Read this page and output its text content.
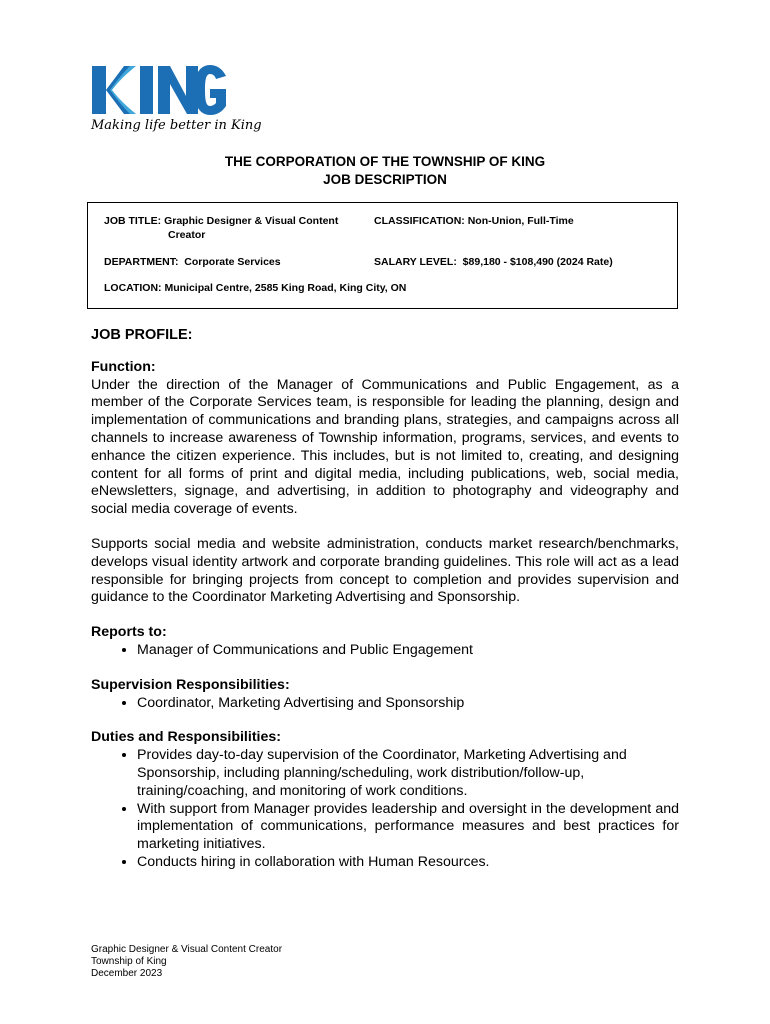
Making life better in King
THE CORPORATION OF THE TOWNSHIP OF KING
JOB DESCRIPTION
JOB TITLE: Graphic Designer & Visual Content
Creator
CLASSIFICATION: Non-Union, Full-Time
DEPARTMENT:  Corporate Services	SALARY LEVEL:  $89,180 - $108,490 (2024 Rate)
LOCATION: Municipal Centre, 2585 King Road, King City, ON

JOB PROFILE:

Function:

Under the direction of the Manager of Communications and Public Engagement, as a member of the Corporate Services team, is responsible for leading the planning, design and implementation of communications and branding plans, strategies, and campaigns across all channels to increase awareness of Township information, programs, services, and events to enhance the citizen experience. This includes, but is not limited to, creating, and designing content for all forms of print and digital media, including publications, web, social media, eNewsletters, signage, and advertising, in addition to photography and videography and social media coverage of events.

Supports social media and website administration, conducts market research/benchmarks, develops visual identity artwork and corporate branding guidelines. This role will act as a lead responsible for bringing projects from concept to completion and provides supervision and guidance to the Coordinator Marketing Advertising and Sponsorship.

Reports to:

• Manager of Communications and Public Engagement

Supervision Responsibilities:

• Coordinator, Marketing Advertising and Sponsorship

Duties and Responsibilities:

• Provides day-to-day supervision of the Coordinator, Marketing Advertising and Sponsorship, including planning/scheduling, work distribution/follow-up, training/coaching, and monitoring of work conditions.
• With support from Manager provides leadership and oversight in the development and implementation of communications, performance measures and best practices for marketing initiatives.
• Conducts hiring in collaboration with Human Resources.
Graphic Designer & Visual Content Creator
Township of King
December 2023
